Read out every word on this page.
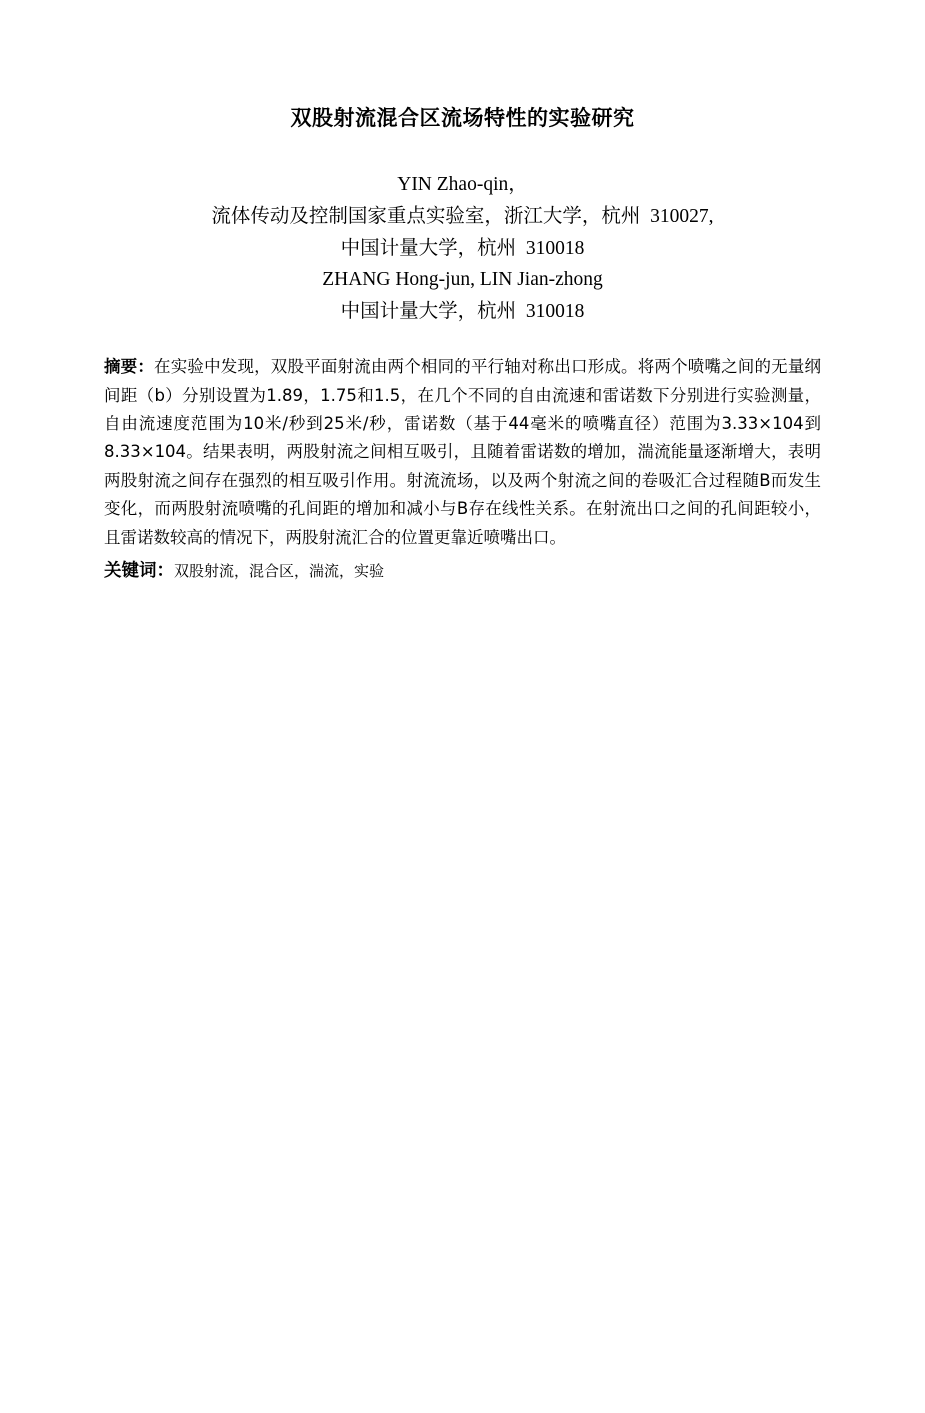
双股射流混合区流场特性的实验研究
YIN Zhao-qin，
流体传动及控制国家重点实验室，浙江大学，杭州  310027,
中国计量大学，杭州  310018
ZHANG Hong-jun, LIN Jian-zhong
中国计量大学，杭州  310018
摘要：在实验中发现，双股平面射流由两个相同的平行轴对称出口形成。将两个喷嘴之间的无量纲间距（b）分别设置为1.89，1.75和1.5，在几个不同的自由流速和雷诺数下分别进行实验测量，自由流速度范围为10米/秒到25米/秒，雷诺数（基于44毫米的喷嘴直径）范围为3.33×104到8.33×104。结果表明，两股射流之间相互吸引，且随着雷诺数的增加，湍流能量逐渐增大，表明两股射流之间存在强烈的相互吸引作用。射流流场，以及两个射流之间的卷吸汇合过程随B而发生变化，而两股射流喷嘴的孔间距的增加和减小与B存在线性关系。在射流出口之间的孔间距较小，且雷诺数较高的情况下，两股射流汇合的位置更靠近喷嘴出口。
关键词：双股射流，混合区，湍流，实验
